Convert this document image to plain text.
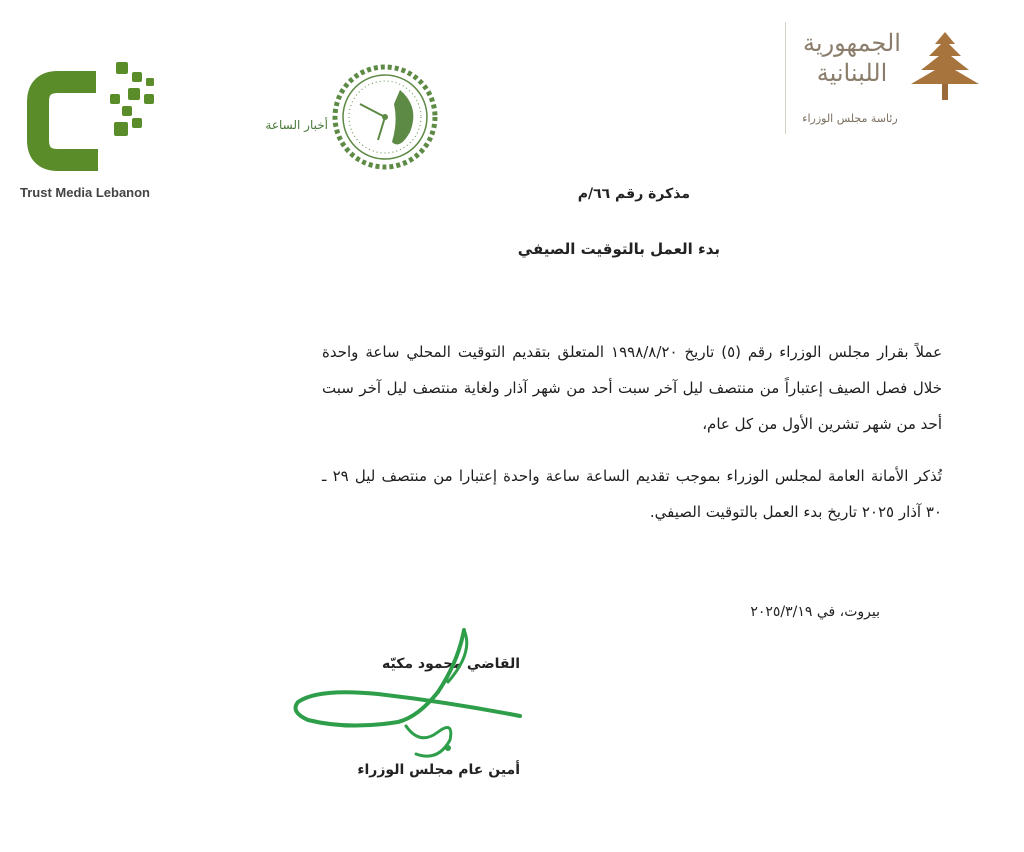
Trust Media Lebanon
أخبار الساعة
الجمهورية
اللبنانية
رئاسة مجلس الوزراء
مذكرة رقم ٦٦/م
بدء العمل بالتوقيت الصيفي
عملاً بقرار مجلس الوزراء رقم (٥) تاريخ ١٩٩٨/٨/٢٠ المتعلق بتقديم التوقيت المحلي ساعة واحدة خلال فصل الصيف إعتباراً من منتصف ليل آخر سبت أحد من شهر آذار ولغاية منتصف ليل آخر سبت أحد من شهر تشرين الأول من كل عام،
تُذكر الأمانة العامة لمجلس الوزراء بموجب تقديم الساعة ساعة واحدة إعتبارا من منتصف ليل ٢٩ ـ ٣٠ آذار ٢٠٢٥ تاريخ بدء العمل بالتوقيت الصيفي.
بيروت، في ٢٠٢٥/٣/١٩
القاضي محمود مكيّه
أمين عام مجلس الوزراء
